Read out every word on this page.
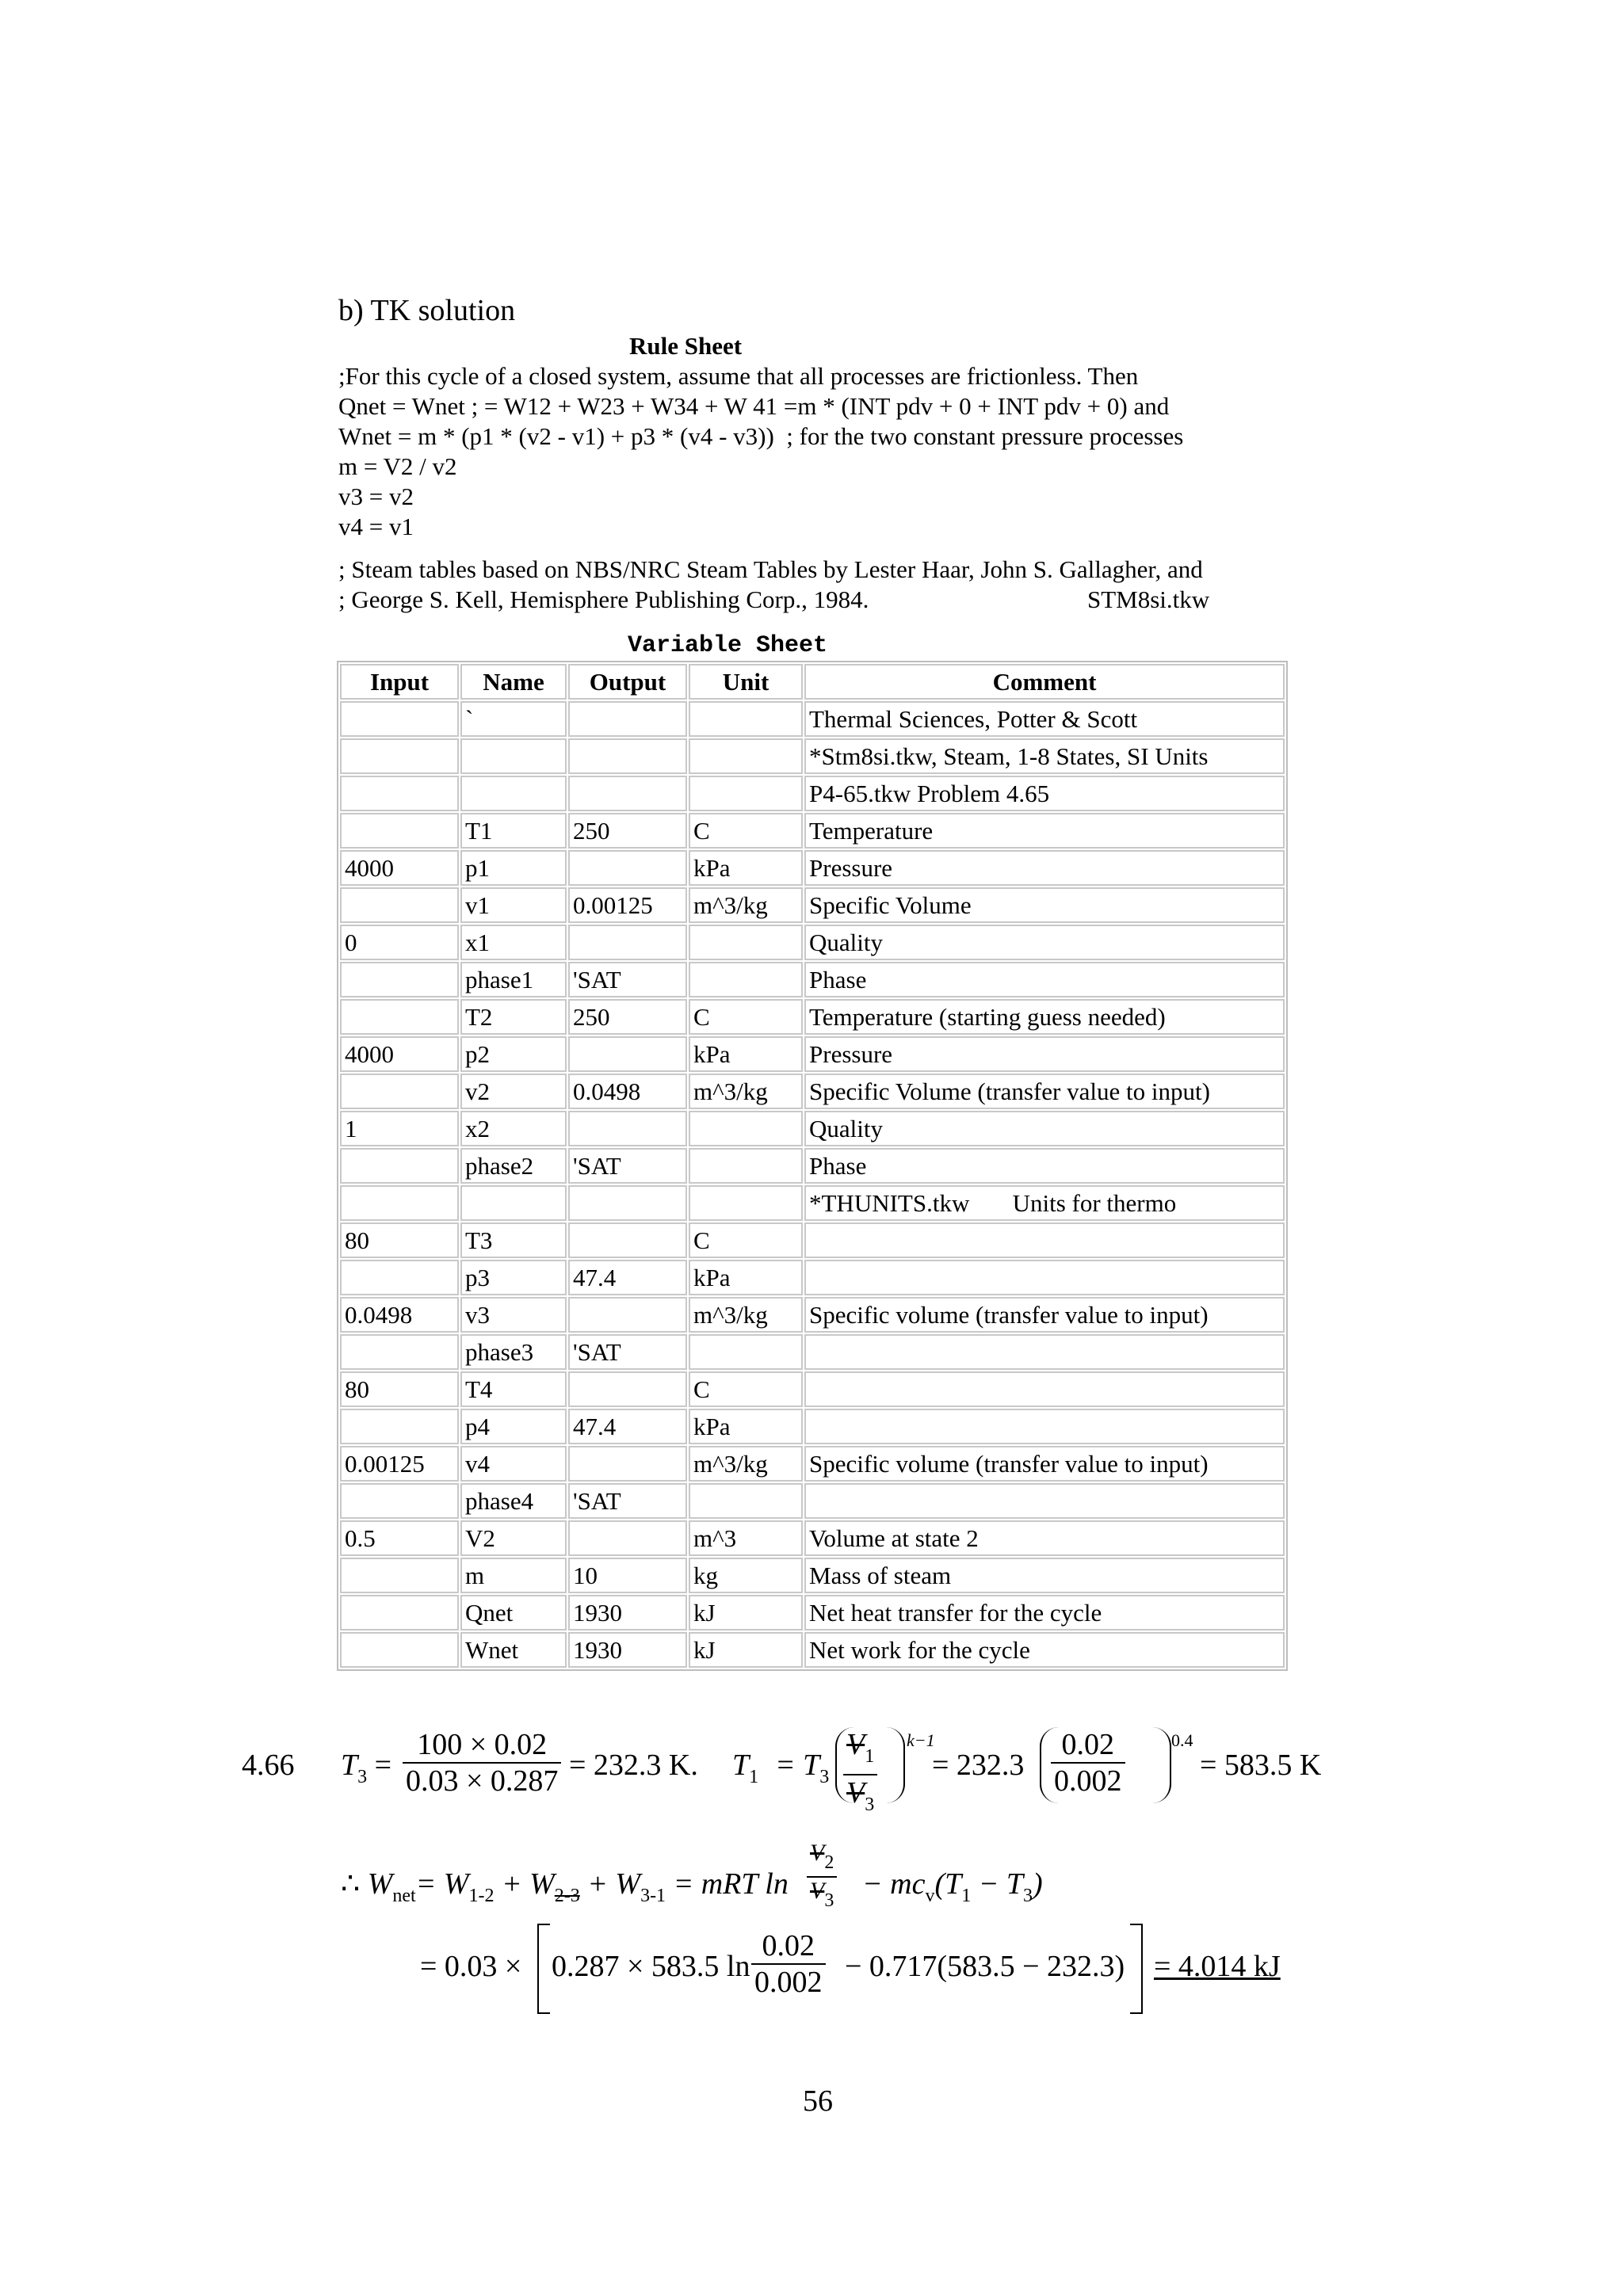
b) TK solution
Rule Sheet
;For this cycle of a closed system, assume that all processes are frictionless. Then
Qnet = Wnet ; = W12 + W23 + W34 + W 41 =m * (INT pdv + 0 + INT pdv + 0) and
Wnet = m * (p1 * (v2 - v1) + p3 * (v4 - v3))  ; for the two constant pressure processes
m = V2 / v2
v3 = v2
v4 = v1
; Steam tables based on NBS/NRC Steam Tables by Lester Haar, John S. Gallagher, and
; George S. Kell, Hemisphere Publishing Corp., 1984.	STM8si.tkw
Variable Sheet
Input	Name	Output	Unit	Comment
	`			Thermal Sciences, Potter & Scott
				*Stm8si.tkw, Steam, 1-8 States, SI Units
				P4-65.tkw Problem 4.65
	T1	250	C	Temperature
4000	p1		kPa	Pressure
	v1	0.00125	m^3/kg	Specific Volume
0	x1			Quality
	phase1	'SAT		Phase
	T2	250	C	Temperature (starting guess needed)
4000	p2		kPa	Pressure
	v2	0.0498	m^3/kg	Specific Volume (transfer value to input)
1	x2			Quality
	phase2	'SAT		Phase
				*THUNITS.tkw       Units for thermo
80	T3		C	
	p3	47.4	kPa	
0.0498	v3		m^3/kg	Specific volume (transfer value to input)
	phase3	'SAT		
80	T4		C	
	p4	47.4	kPa	
0.00125	v4		m^3/kg	Specific volume (transfer value to input)
	phase4	'SAT		
0.5	V2		m^3	Volume at state 2
	m	10	kg	Mass of steam
	Qnet	1930	kJ	Net heat transfer for the cycle
	Wnet	1930	kJ	Net work for the cycle
4.66 $T_3$ =
100 × 0.02
0.03 × 0.287 = 232.3 K. $T_1 = T_3$
$V_1$
$V_3$
k−1
= 232.3
0.02
0.002
0.4
= 583.5 K
∴ $W_{net}= W_{1-2} + W_{2-3} + W_{3-1}$ = mRT ln
$V_2$
$V_3 - mc_v(T_1 - T_3)$
= 0.03 × 0.287 × 583.5 ln
0.02
0.002 − 0.717(583.5 − 232.3) = 4.014 kJ
56
